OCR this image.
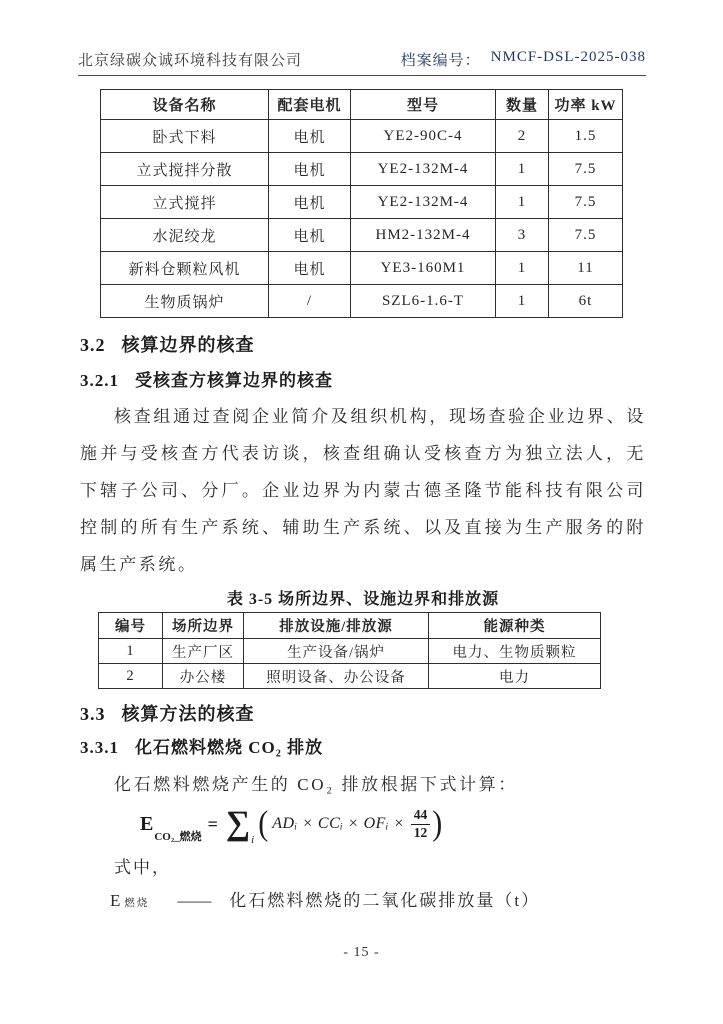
北京绿碳众诚环境科技有限公司	档案编号： NMCF-DSL-2025-038
设备名称	配套电机	型号	数量	功率 kW
卧式下料	电机	YE2-90C-4	2	1.5
立式搅拌分散	电机	YE2-132M-4	1	7.5
立式搅拌	电机	YE2-132M-4	1	7.5
水泥绞龙	电机	HM2-132M-4	3	7.5
新料仓颗粒风机	电机	YE3-160M1	1	11
生物质锅炉	/	SZL6-1.6-T	1	6t
3.2 核算边界的核查
3.2.1 受核查方核算边界的核查
核查组通过查阅企业简介及组织机构，现场查验企业边界、设施并与受核查方代表访谈，核查组确认受核查方为独立法人，无下辖子公司、分厂。企业边界为内蒙古德圣隆节能科技有限公司控制的所有生产系统、辅助生产系统、以及直接为生产服务的附属生产系统。
表 3-5 场所边界、设施边界和排放源
编号	场所边界	排放设施/排放源	能源种类
1	生产厂区	生产设备/锅炉	电力、生物质颗粒
2	办公楼	照明设备、办公设备	电力
3.3 核算方法的核查
3.3.1 化石燃料燃烧 CO₂ 排放
化石燃料燃烧产生的 CO₂ 排放根据下式计算：
E
CO₂_燃烧
= ∑ i ( ADᵢ × CCᵢ × OFᵢ × $\frac{44}{12}$ )
式中，
E 燃烧 —— 化石燃料燃烧的二氧化碳排放量（t）
- 15 -
